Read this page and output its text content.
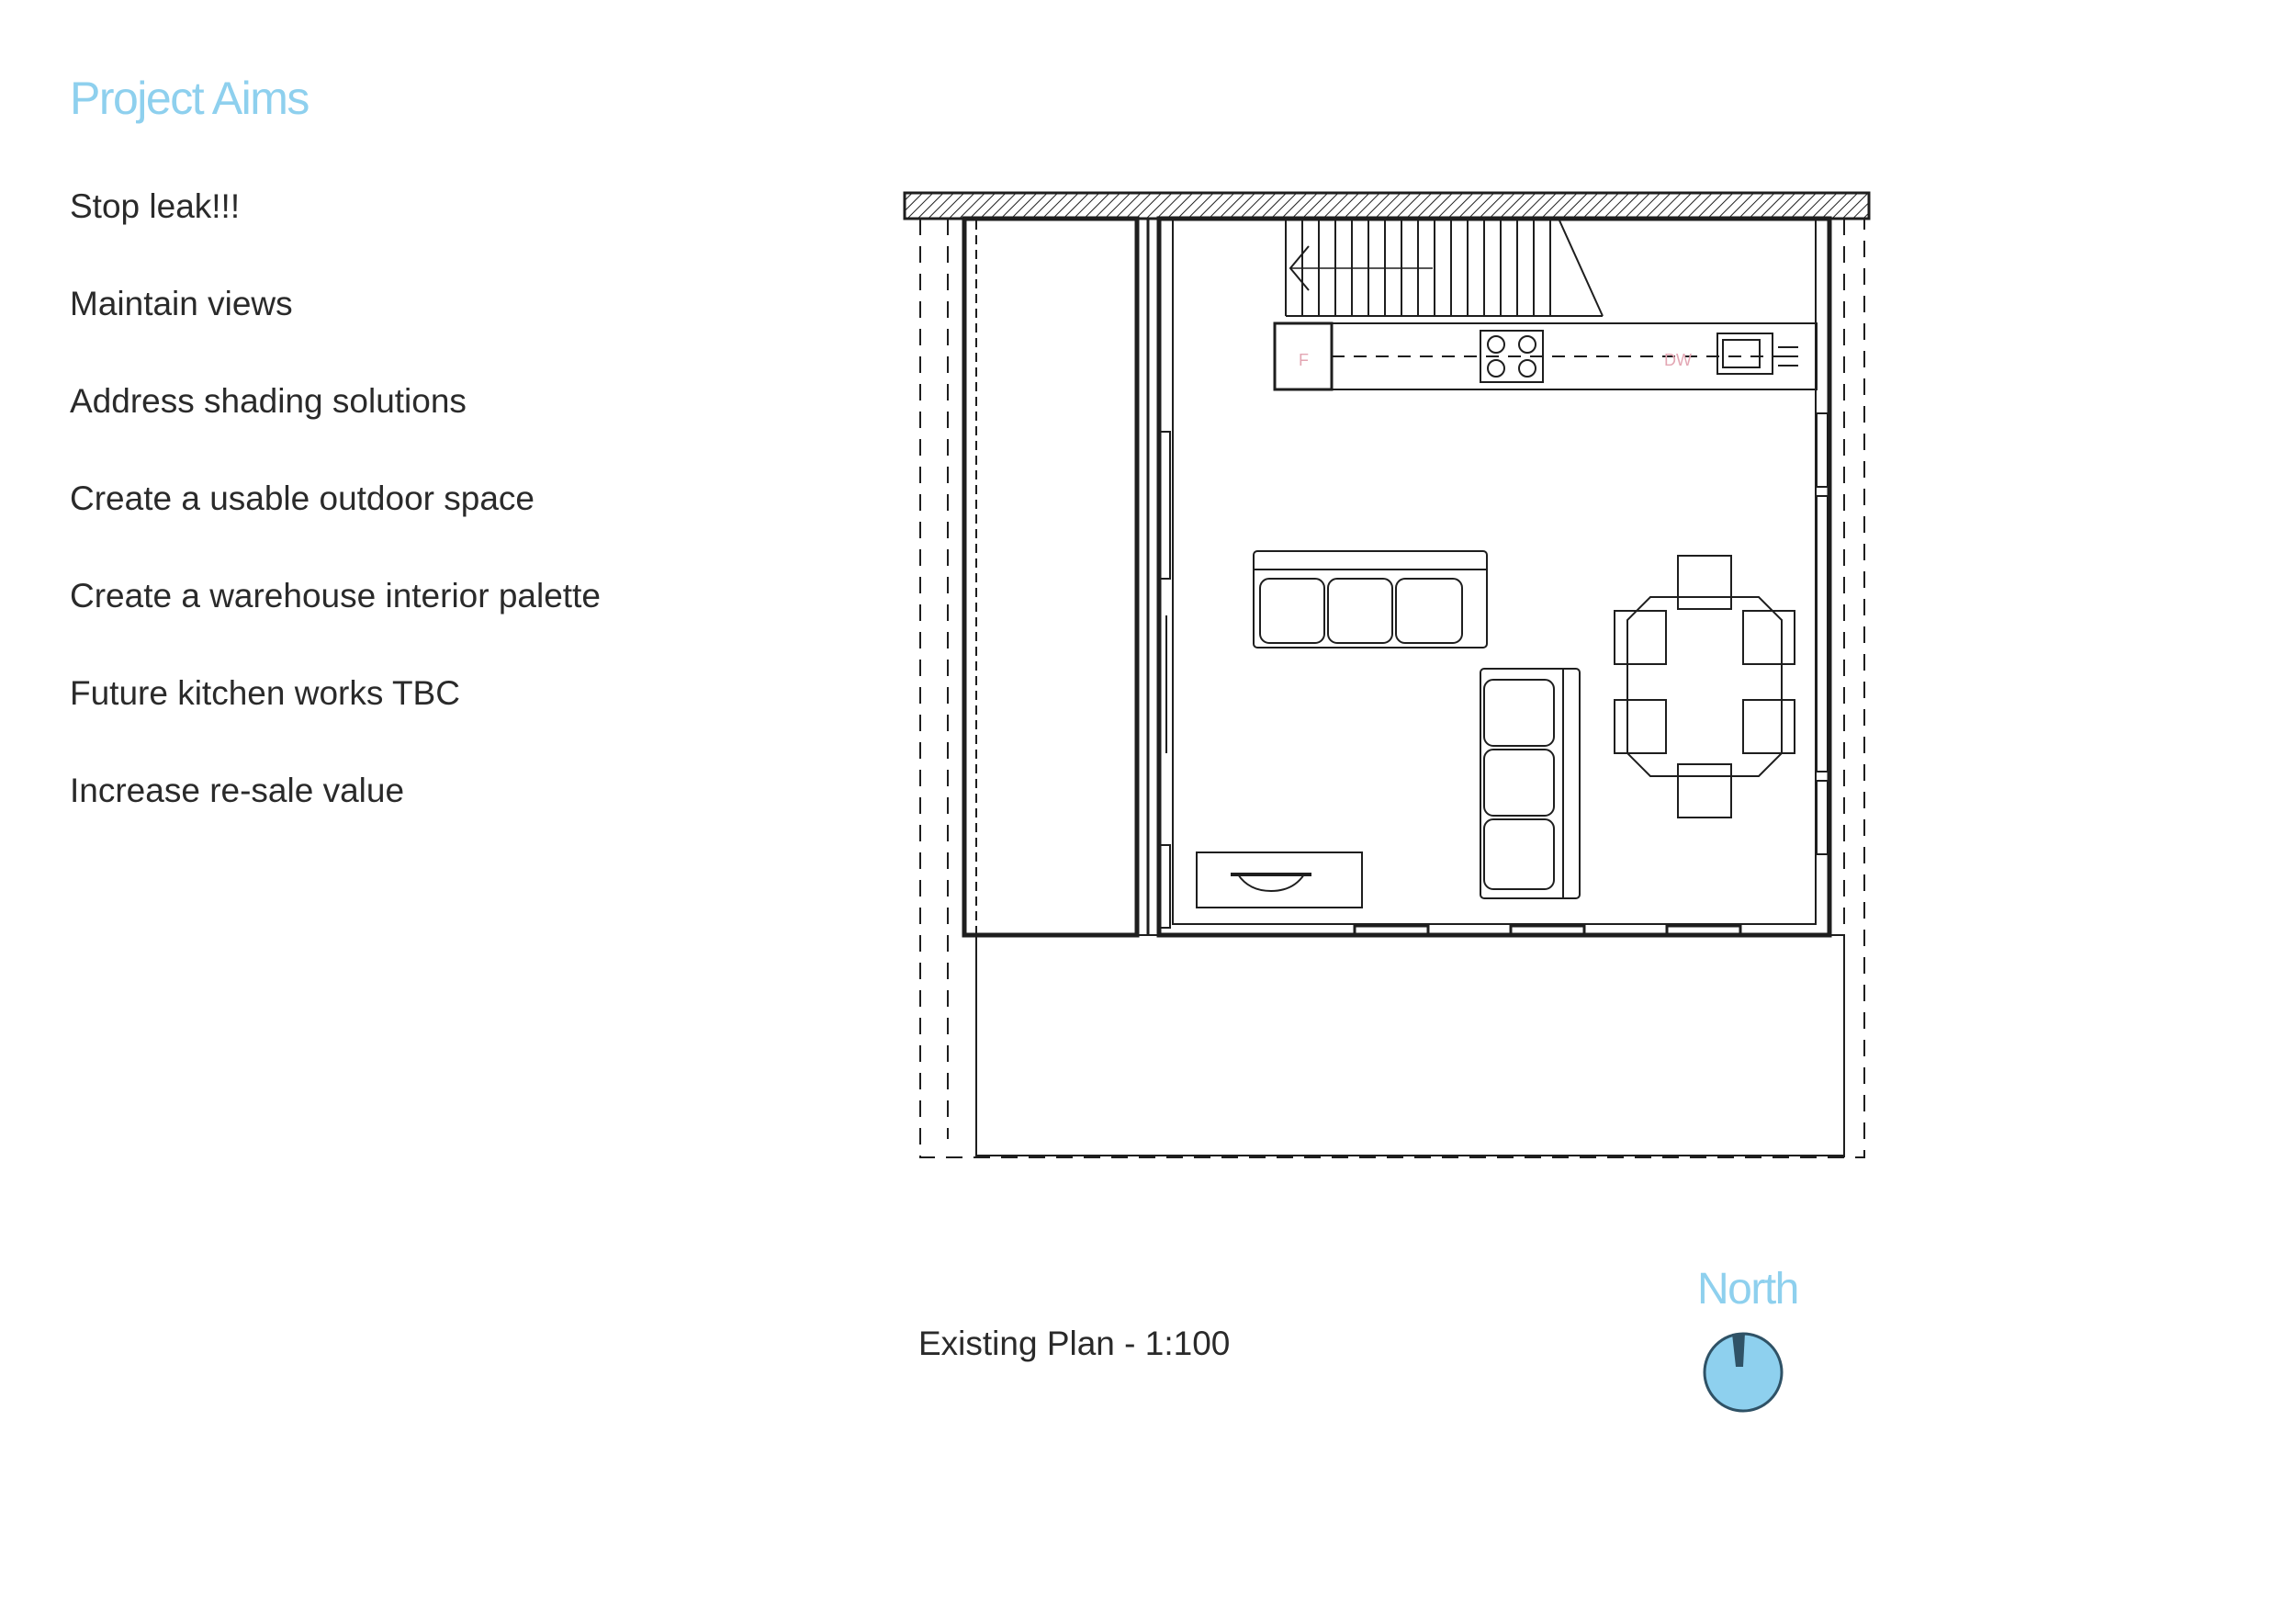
Project Aims
Stop leak!!!
Maintain views
Address shading solutions
Create a usable outdoor space
Create a warehouse interior palette
Future kitchen works TBC
Increase re-sale value
F	DW
Existing Plan - 1:100
North
